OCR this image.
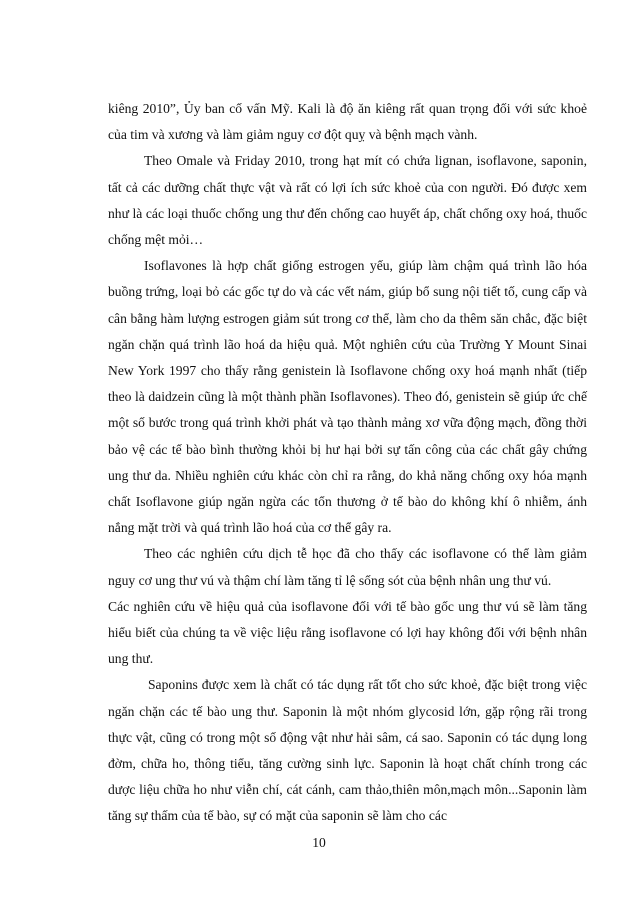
kiêng 2010”, Ủy ban cố vấn Mỹ. Kali là độ ăn kiêng rất quan trọng đối với sức khoẻ của tim và xương và làm giảm nguy cơ đột quỵ và bệnh mạch vành.

Theo Omale và Friday 2010, trong hạt mít có chứa lignan, isoflavone, saponin, tất cả các dưỡng chất thực vật và rất có lợi ích sức khoẻ của con người. Đó được xem như là các loại thuốc chống ung thư đến chống cao huyết áp, chất chống oxy hoá, thuốc chống mệt mỏi…

Isoflavones là hợp chất giống estrogen yếu, giúp làm chậm quá trình lão hóa buồng trứng, loại bỏ các gốc tự do và các vết nám, giúp bổ sung nội tiết tố, cung cấp và cân bằng hàm lượng estrogen giảm sút trong cơ thể, làm cho da thêm săn chắc, đặc biệt ngăn chặn quá trình lão hoá da hiệu quả. Một nghiên cứu của Trường Y Mount Sinai New York 1997 cho thấy rằng genistein là Isoflavone chống oxy hoá mạnh nhất (tiếp theo là daidzein cũng là một thành phần Isoflavones). Theo đó, genistein sẽ giúp ức chế một số bước trong quá trình khởi phát và tạo thành mảng xơ vữa động mạch, đồng thời bảo vệ các tế bào bình thường khỏi bị hư hại bởi sự tấn công của các chất gây chứng ung thư da. Nhiều nghiên cứu khác còn chỉ ra rằng, do khả năng chống oxy hóa mạnh chất Isoflavone giúp ngăn ngừa các tổn thương ở tế bào do không khí ô nhiễm, ánh nắng mặt trời và quá trình lão hoá của cơ thể gây ra.

Theo các nghiên cứu dịch tễ học đã cho thấy các isoflavone có thể làm giảm nguy cơ ung thư vú và thậm chí làm tăng tỉ lệ sống sót của bệnh nhân ung thư vú.

Các nghiên cứu về hiệu quả của isoflavone đối với tế bào gốc ung thư vú sẽ làm tăng hiểu biết của chúng ta về việc liệu rằng isoflavone có lợi hay không đối với bệnh nhân ung thư.

Saponins được xem là chất có tác dụng rất tốt cho sức khoẻ, đặc biệt trong việc ngăn chặn các tế bào ung thư. Saponin là một nhóm glycosid lớn, gặp rộng rãi trong thực vật, cũng có trong một số động vật như hải sâm, cá sao. Saponin có tác dụng long đờm, chữa ho, thông tiểu, tăng cường sinh lực. Saponin là hoạt chất chính trong các dược liệu chữa ho như viễn chí, cát cánh, cam thảo,thiên môn,mạch môn...Saponin làm tăng sự thấm của tế bào, sự có mặt của saponin sẽ làm cho các

10
